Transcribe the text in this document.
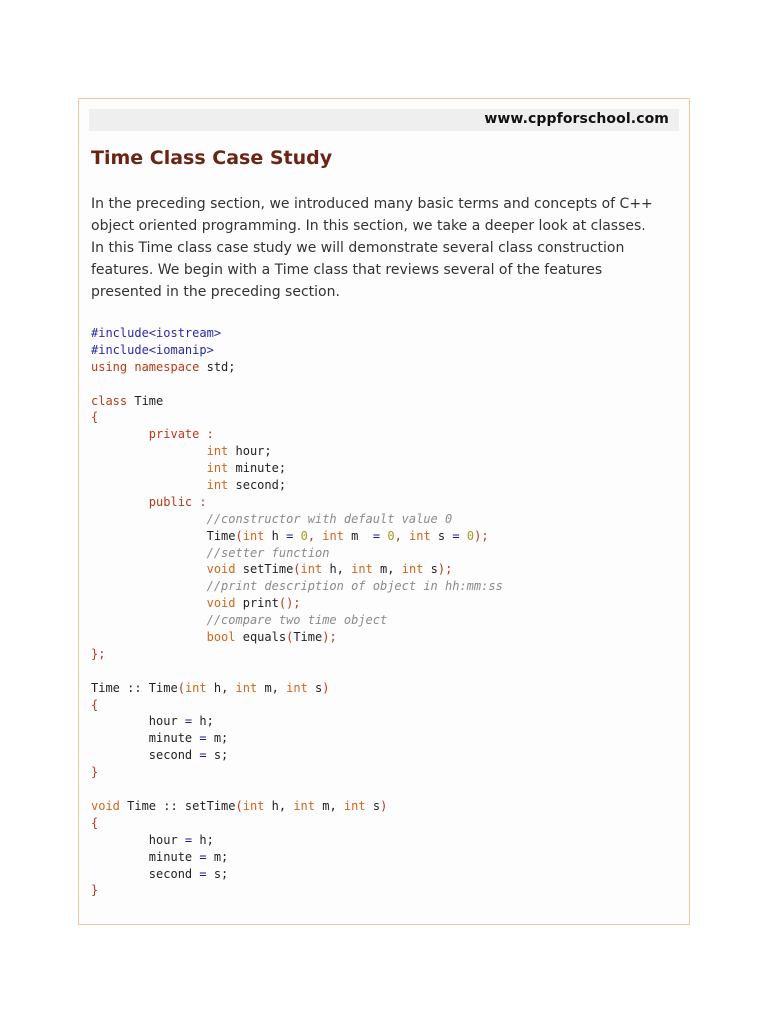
www.cppforschool.com
Time Class Case Study

In the preceding section, we introduced many basic terms and concepts of C++ object oriented programming. In this section, we take a deeper look at classes. In this Time class case study we will demonstrate several class construction features. We begin with a Time class that reviews several of the features presented in the preceding section.

#include<iostream>
#include<iomanip>
using namespace std;

class Time
{
private :
int hour;
int minute;
int second;
public :
//constructor with default value 0
Time(int h = 0, int m  = 0, int s = 0);
//setter function
void setTime(int h, int m, int s);
//print description of object in hh:mm:ss
void print();
//compare two time object
bool equals(Time);
};

Time :: Time(int h, int m, int s)
{
hour = h;
minute = m;
second = s;
}

void Time :: setTime(int h, int m, int s)
{
hour = h;
minute = m;
second = s;
}
